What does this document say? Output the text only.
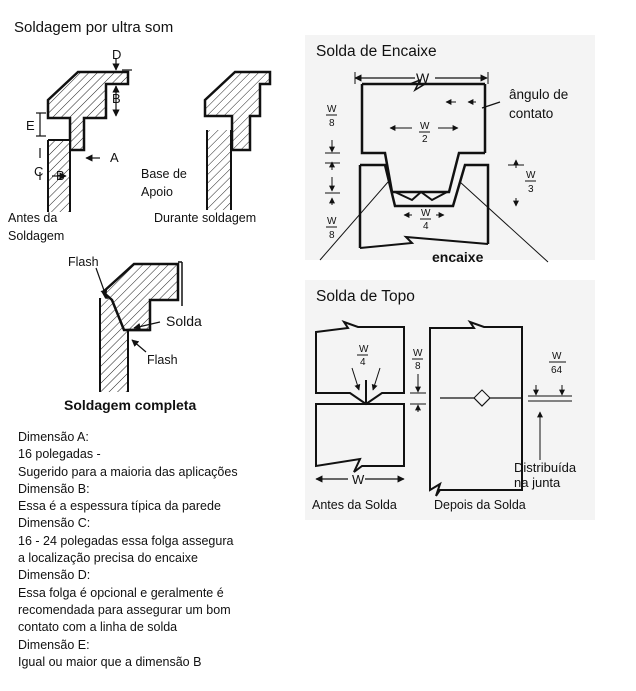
Soldagem por ultra som
D
B
E
A
C B
Antes da
Soldagem
Base de
Apoio
Durante soldagem
Flash
Solda
Flash
Soldagem completa
Solda de Encaixe
W
ângulo de
contato
W
2
W
8
W
8
W
3
W
4
encaixe
Solda de Topo
W
W
4
W
8
W
64
Distribuída
na junta
Antes da Solda	Depois da Solda
Dimensão A:
16 polegadas -
Sugerido para a maioria das aplicações
Dimensão B:
Essa é a espessura típica da parede
Dimensão C:
16 - 24 polegadas essa folga assegura
a localização precisa do encaixe
Dimensão D:
Essa folga é opcional e geralmente é
recomendada para assegurar um bom
contato com a linha de solda
Dimensão E:
Igual ou maior que a dimensão B
